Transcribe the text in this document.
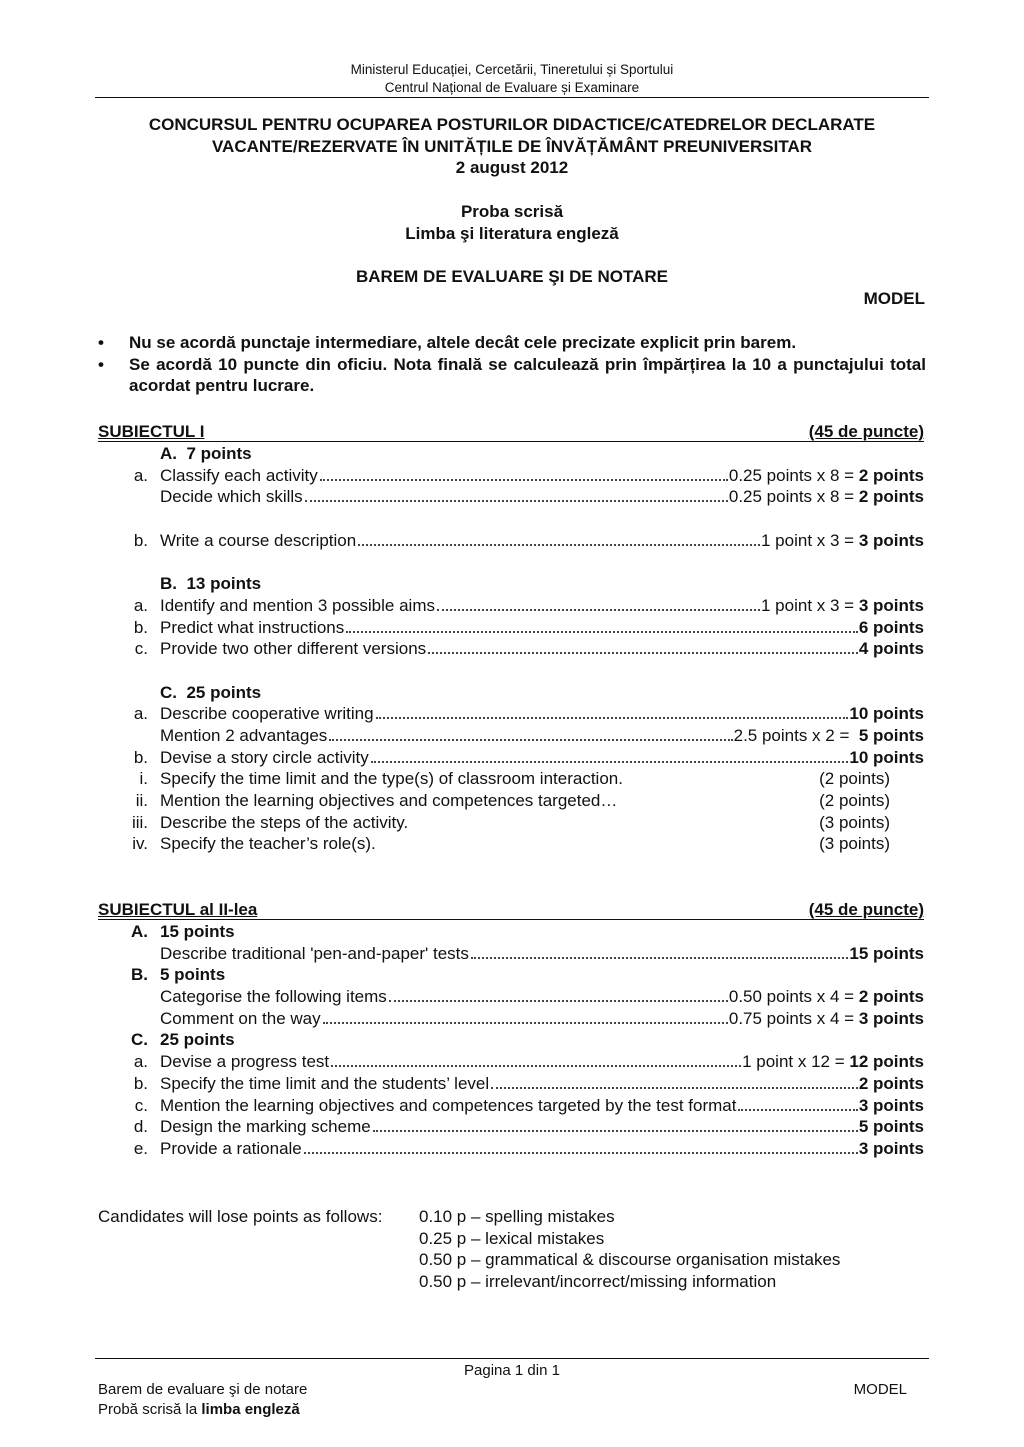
Ministerul Educației, Cercetării, Tineretului și Sportului
Centrul Național de Evaluare și Examinare
CONCURSUL PENTRU OCUPAREA POSTURILOR DIDACTICE/CATEDRELOR DECLARATE
VACANTE/REZERVATE ÎN UNITĂȚILE DE ÎNVĂȚĂMÂNT PREUNIVERSITAR
2 august 2012
Proba scrisă
Limba şi literatura engleză
BAREM DE EVALUARE ŞI DE NOTARE
MODEL
•	Nu se acordă punctaje intermediare, altele decât cele precizate explicit prin barem.
•	Se acordă 10 puncte din oficiu. Nota finală se calculează prin împărțirea la 10 a punctajului total acordat pentru lucrare.
SUBIECTUL I	(45 de puncte)
A.  7 points
a. Classify each activity	0.25 points x 8 = 2 points
Decide which skills	0.25 points x 8 = 2 points
b. Write a course description	1 point x 3 = 3 points
B.  13 points
a. Identify and mention 3 possible aims	1 point x 3 = 3 points
b. Predict what instructions	6 points
c. Provide two other different versions	4 points
C.  25 points
a. Describe cooperative writing	10 points
Mention 2 advantages	2.5 points x 2 =  5 points
b. Devise a story circle activity	10 points
i. Specify the time limit and the type(s) of classroom interaction.	(2 points)
ii. Mention the learning objectives and competences targeted…	(2 points)
iii. Describe the steps of the activity.	(3 points)
iv. Specify the teacher’s role(s).	(3 points)
SUBIECTUL al II-lea	(45 de puncte)
A. 15 points
Describe traditional 'pen-and-paper' tests	15 points
B. 5 points
Categorise the following items	0.50 points x 4 = 2 points
Comment on the way	0.75 points x 4 = 3 points
C. 25 points
a. Devise a progress test	1 point x 12 = 12 points
b. Specify the time limit and the students’ level	2 points
c. Mention the learning objectives and competences targeted by the test format	3 points
d. Design the marking scheme	5 points
e. Provide a rationale	3 points
Candidates will lose points as follows:	0.10 p – spelling mistakes
0.25 p – lexical mistakes
0.50 p – grammatical & discourse organisation mistakes
0.50 p – irrelevant/incorrect/missing information
Pagina 1 din 1
Barem de evaluare şi de notare
Probă scrisă la limba engleză
MODEL
